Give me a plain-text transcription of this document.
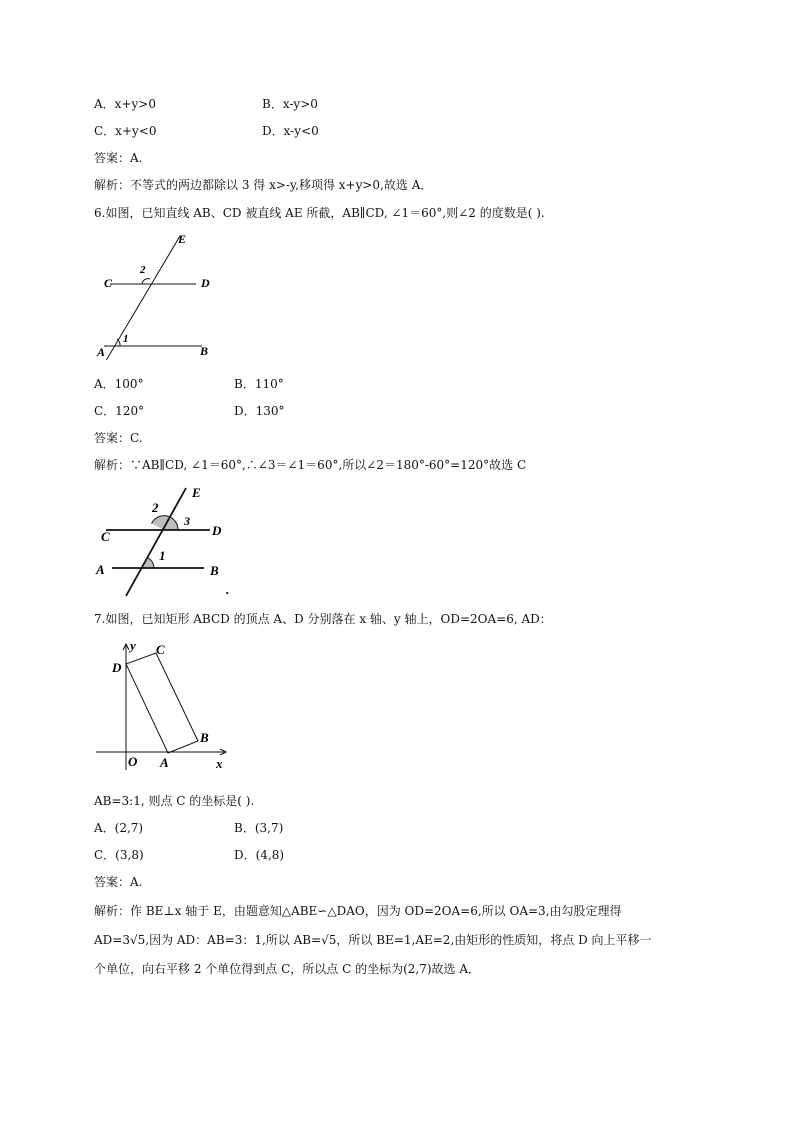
A．x+y>0	B．x-y>0
C．x+y<0	D．x-y<0
答案：A.
解析：不等式的两边都除以 3 得 x>-y,移项得 x+y>0,故选 A．
6.如图，已知直线 AB、CD 被直线 AE 所截，AB∥CD, ∠1＝60°,则∠2 的度数是( ).
E
C	D
A	B
1
2
A．100°	B．110°
C．120°	D．130°
答案：C.
解析：∵AB∥CD, ∠1＝60°,∴∠3＝∠1＝60°,所以∠2＝180°-60°=120°故选 C
E
2
3
D
C
1
A	B
.
7.如图，已知矩形 ABCD 的顶点 A、D 分别落在 x 轴、y 轴上，OD=2OA=6, AD：
y
x
O A
B
C
D
AB=3:1, 则点 C 的坐标是( ).
A．(2,7)	B．(3,7)
C．(3,8)	D．(4,8)
答案：A.
解析：作 BE⊥x 轴于 E，由题意知△ABE∽△DAO，因为 OD=2OA=6,所以 OA=3,由勾股定理得
AD=3√5,因为 AD：AB=3：1,所以 AB=√5，所以 BE=1,AE=2,由矩形的性质知，将点 D 向上平移一
个单位，向右平移 2 个单位得到点 C，所以点 C 的坐标为(2,7)故选 A．
